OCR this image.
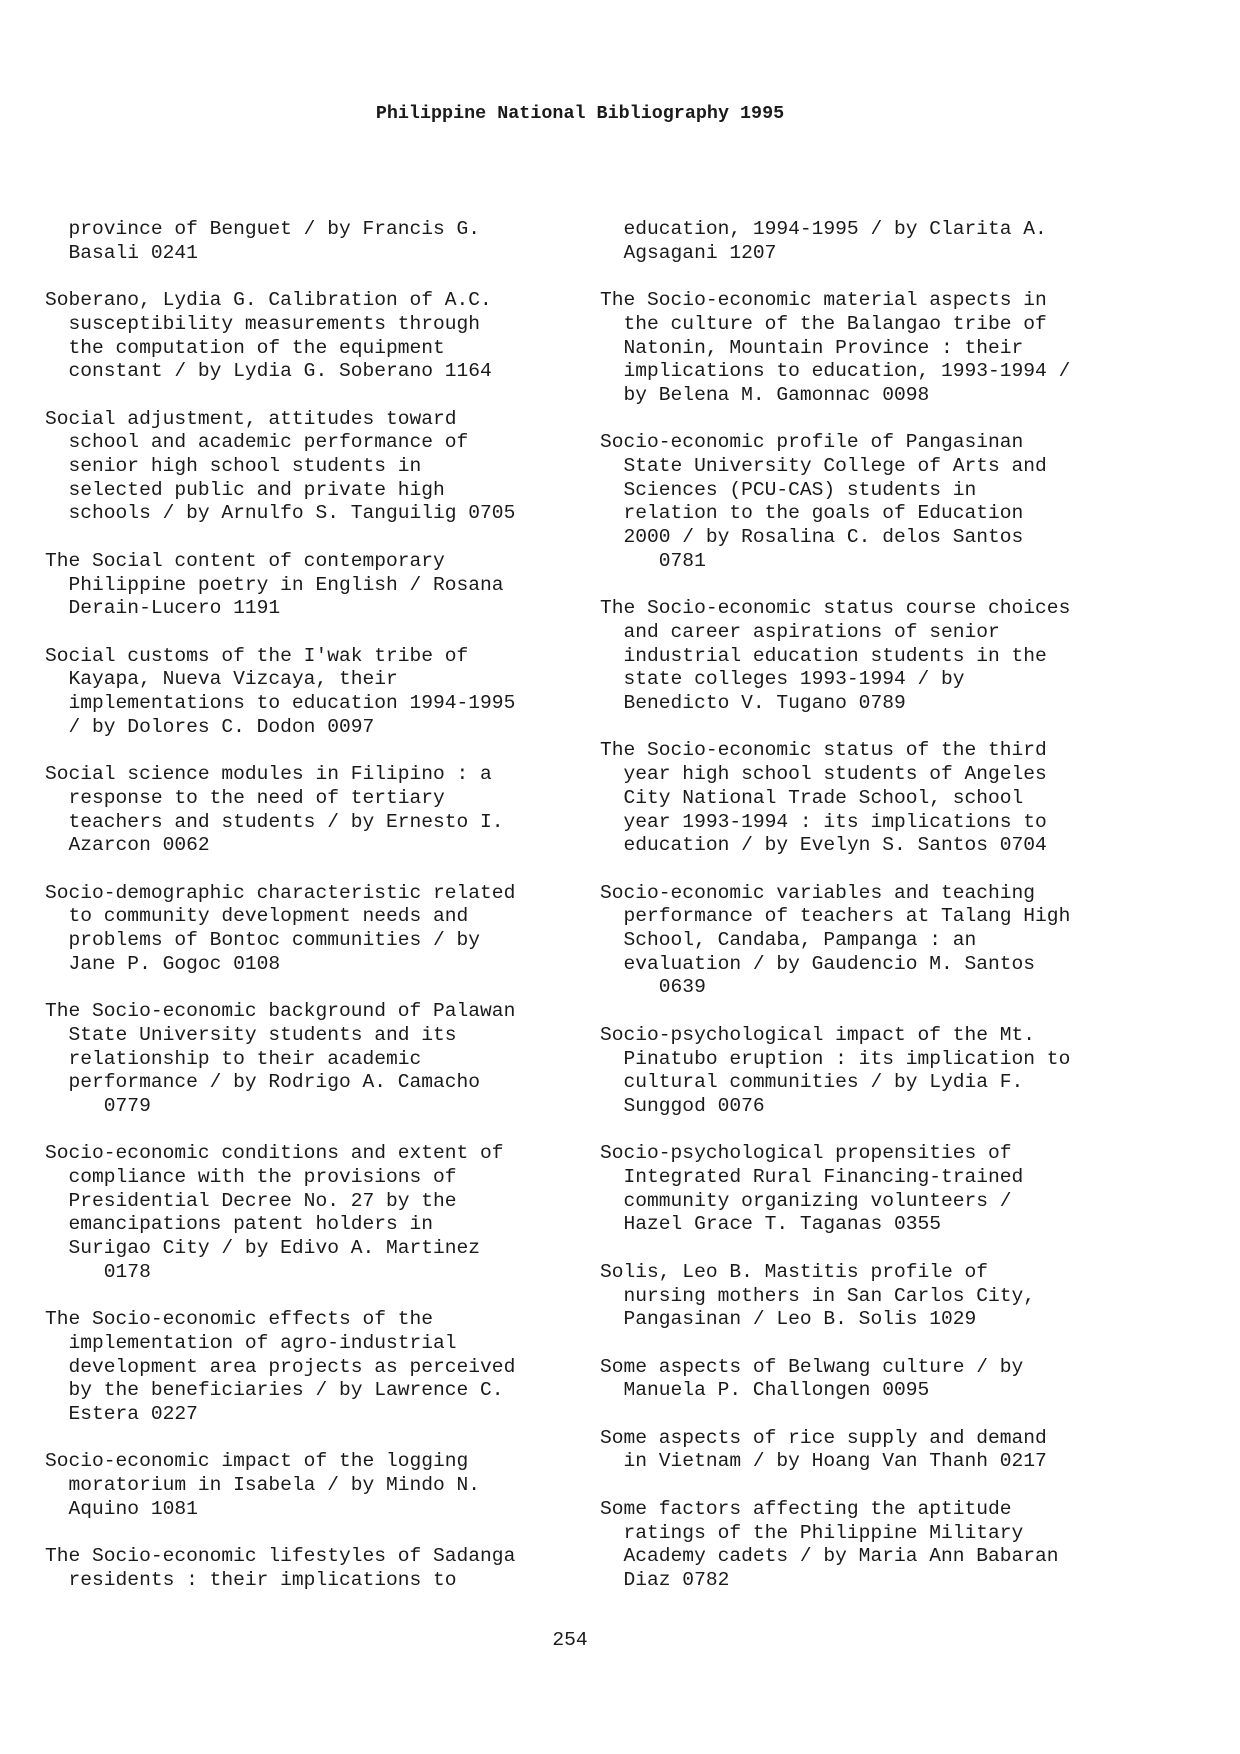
Philippine National Bibliography 1995
province of Benguet / by Francis G.
Basali 0241
Soberano, Lydia G. Calibration of A.C.
susceptibility measurements through
the computation of the equipment
constant / by Lydia G. Soberano 1164
Social adjustment, attitudes toward
school and academic performance of
senior high school students in
selected public and private high
schools / by Arnulfo S. Tanguilig 0705
The Social content of contemporary
Philippine poetry in English / Rosana
Derain-Lucero 1191
Social customs of the I'wak tribe of
Kayapa, Nueva Vizcaya, their
implementations to education 1994-1995
/ by Dolores C. Dodon 0097
Social science modules in Filipino : a
response to the need of tertiary
teachers and students / by Ernesto I.
Azarcon 0062
Socio-demographic characteristic related
to community development needs and
problems of Bontoc communities / by
Jane P. Gogoc 0108
The Socio-economic background of Palawan
State University students and its
relationship to their academic
performance / by Rodrigo A. Camacho
0779
Socio-economic conditions and extent of
compliance with the provisions of
Presidential Decree No. 27 by the
emancipations patent holders in
Surigao City / by Edivo A. Martinez
0178
The Socio-economic effects of the
implementation of agro-industrial
development area projects as perceived
by the beneficiaries / by Lawrence C.
Estera 0227
Socio-economic impact of the logging
moratorium in Isabela / by Mindo N.
Aquino 1081
The Socio-economic lifestyles of Sadanga
residents : their implications to
education, 1994-1995 / by Clarita A.
Agsagani 1207
The Socio-economic material aspects in
the culture of the Balangao tribe of
Natonin, Mountain Province : their
implications to education, 1993-1994 /
by Belena M. Gamonnac 0098
Socio-economic profile of Pangasinan
State University College of Arts and
Sciences (PCU-CAS) students in
relation to the goals of Education
2000 / by Rosalina C. delos Santos
0781
The Socio-economic status course choices
and career aspirations of senior
industrial education students in the
state colleges 1993-1994 / by
Benedicto V. Tugano 0789
The Socio-economic status of the third
year high school students of Angeles
City National Trade School, school
year 1993-1994 : its implications to
education / by Evelyn S. Santos 0704
Socio-economic variables and teaching
performance of teachers at Talang High
School, Candaba, Pampanga : an
evaluation / by Gaudencio M. Santos
0639
Socio-psychological impact of the Mt.
Pinatubo eruption : its implication to
cultural communities / by Lydia F.
Sunggod 0076
Socio-psychological propensities of
Integrated Rural Financing-trained
community organizing volunteers /
Hazel Grace T. Taganas 0355
Solis, Leo B. Mastitis profile of
nursing mothers in San Carlos City,
Pangasinan / Leo B. Solis 1029
Some aspects of Belwang culture / by
Manuela P. Challongen 0095
Some aspects of rice supply and demand
in Vietnam / by Hoang Van Thanh 0217
Some factors affecting the aptitude
ratings of the Philippine Military
Academy cadets / by Maria Ann Babaran
Diaz 0782
254
